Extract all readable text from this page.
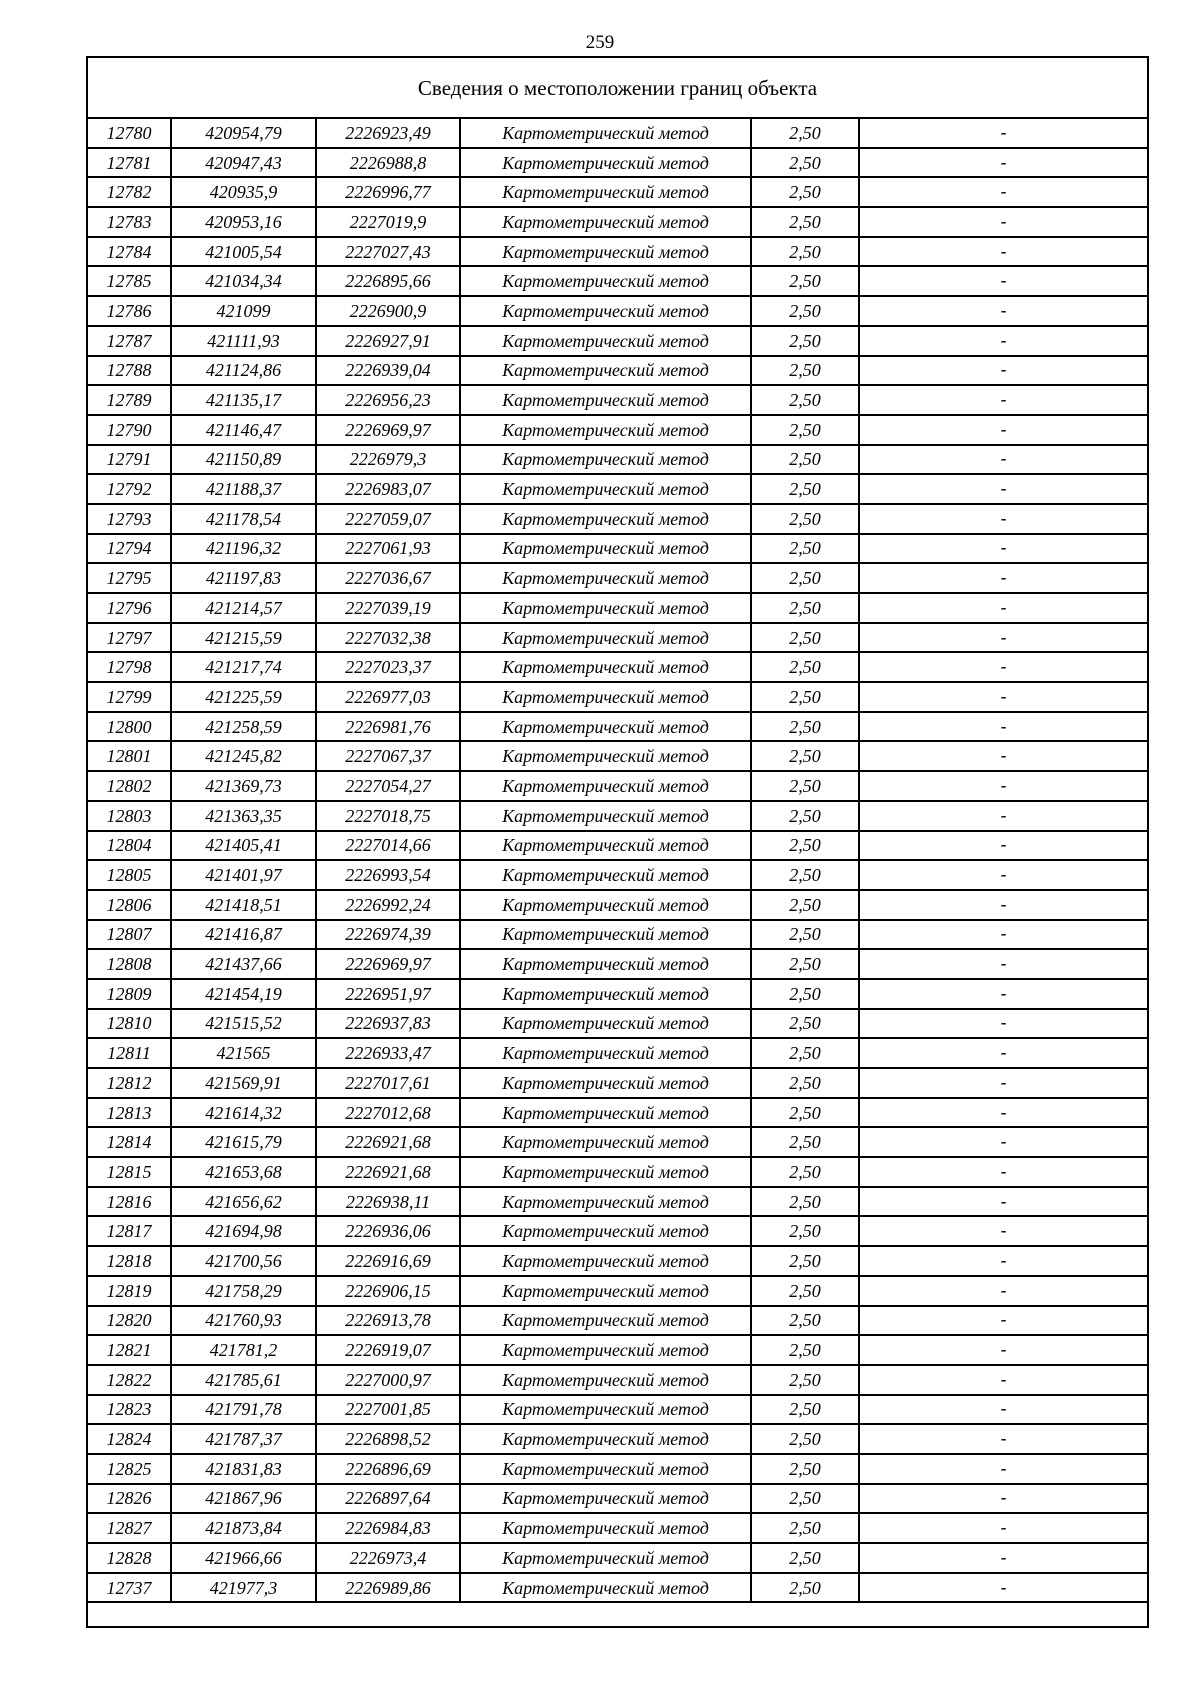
259
Сведения о местоположении границ объекта					
12780	420954,79	2226923,49	Картометрический метод	2,50	-
12781	420947,43	2226988,8	Картометрический метод	2,50	-
12782	420935,9	2226996,77	Картометрический метод	2,50	-
12783	420953,16	2227019,9	Картометрический метод	2,50	-
12784	421005,54	2227027,43	Картометрический метод	2,50	-
12785	421034,34	2226895,66	Картометрический метод	2,50	-
12786	421099	2226900,9	Картометрический метод	2,50	-
12787	421111,93	2226927,91	Картометрический метод	2,50	-
12788	421124,86	2226939,04	Картометрический метод	2,50	-
12789	421135,17	2226956,23	Картометрический метод	2,50	-
12790	421146,47	2226969,97	Картометрический метод	2,50	-
12791	421150,89	2226979,3	Картометрический метод	2,50	-
12792	421188,37	2226983,07	Картометрический метод	2,50	-
12793	421178,54	2227059,07	Картометрический метод	2,50	-
12794	421196,32	2227061,93	Картометрический метод	2,50	-
12795	421197,83	2227036,67	Картометрический метод	2,50	-
12796	421214,57	2227039,19	Картометрический метод	2,50	-
12797	421215,59	2227032,38	Картометрический метод	2,50	-
12798	421217,74	2227023,37	Картометрический метод	2,50	-
12799	421225,59	2226977,03	Картометрический метод	2,50	-
12800	421258,59	2226981,76	Картометрический метод	2,50	-
12801	421245,82	2227067,37	Картометрический метод	2,50	-
12802	421369,73	2227054,27	Картометрический метод	2,50	-
12803	421363,35	2227018,75	Картометрический метод	2,50	-
12804	421405,41	2227014,66	Картометрический метод	2,50	-
12805	421401,97	2226993,54	Картометрический метод	2,50	-
12806	421418,51	2226992,24	Картометрический метод	2,50	-
12807	421416,87	2226974,39	Картометрический метод	2,50	-
12808	421437,66	2226969,97	Картометрический метод	2,50	-
12809	421454,19	2226951,97	Картометрический метод	2,50	-
12810	421515,52	2226937,83	Картометрический метод	2,50	-
12811	421565	2226933,47	Картометрический метод	2,50	-
12812	421569,91	2227017,61	Картометрический метод	2,50	-
12813	421614,32	2227012,68	Картометрический метод	2,50	-
12814	421615,79	2226921,68	Картометрический метод	2,50	-
12815	421653,68	2226921,68	Картометрический метод	2,50	-
12816	421656,62	2226938,11	Картометрический метод	2,50	-
12817	421694,98	2226936,06	Картометрический метод	2,50	-
12818	421700,56	2226916,69	Картометрический метод	2,50	-
12819	421758,29	2226906,15	Картометрический метод	2,50	-
12820	421760,93	2226913,78	Картометрический метод	2,50	-
12821	421781,2	2226919,07	Картометрический метод	2,50	-
12822	421785,61	2227000,97	Картометрический метод	2,50	-
12823	421791,78	2227001,85	Картометрический метод	2,50	-
12824	421787,37	2226898,52	Картометрический метод	2,50	-
12825	421831,83	2226896,69	Картометрический метод	2,50	-
12826	421867,96	2226897,64	Картометрический метод	2,50	-
12827	421873,84	2226984,83	Картометрический метод	2,50	-
12828	421966,66	2226973,4	Картометрический метод	2,50	-
12737	421977,3	2226989,86	Картометрический метод	2,50	-
